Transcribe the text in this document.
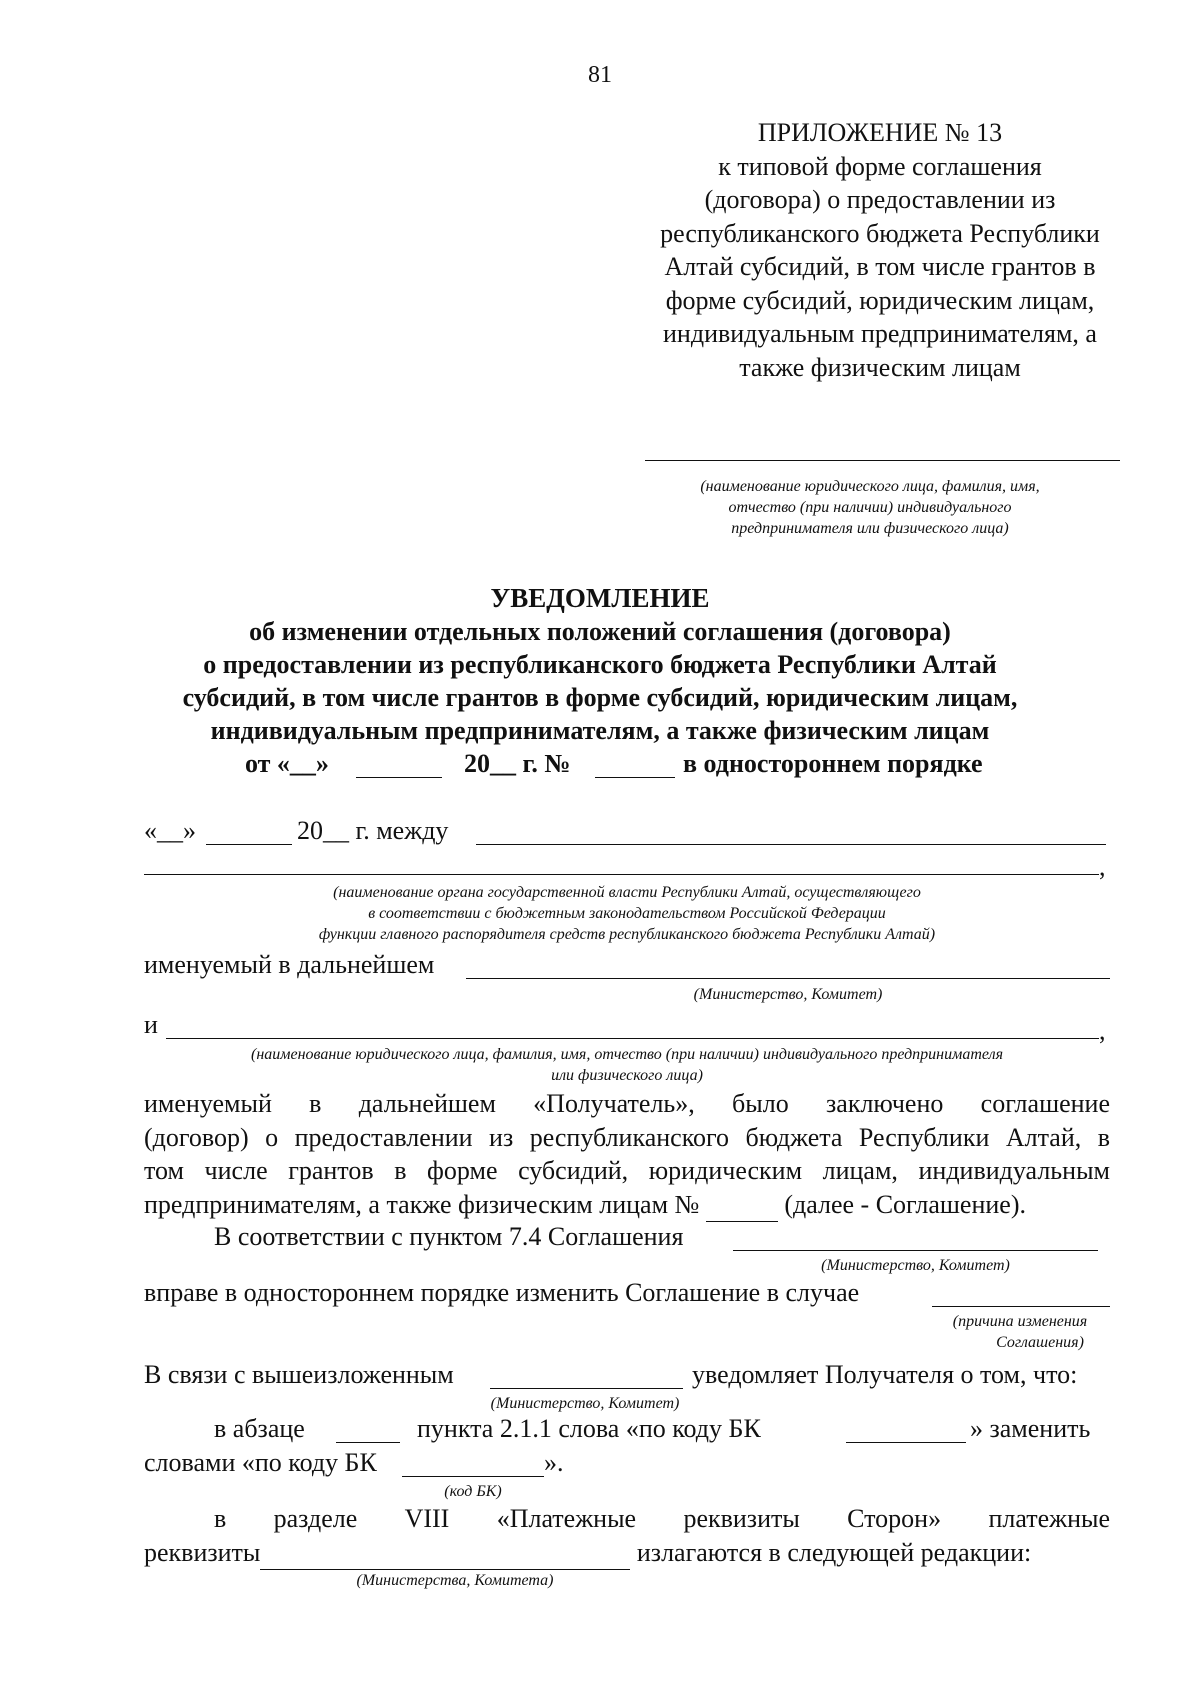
81
ПРИЛОЖЕНИЕ № 13
к типовой форме соглашения
(договора) о предоставлении из
республиканского бюджета Республики
Алтай субсидий, в том числе грантов в
форме субсидий, юридическим лицам,
индивидуальным предпринимателям, а
также физическим лицам
(наименование юридического лица, фамилия, имя,
отчество (при наличии) индивидуального
предпринимателя или физического лица)
УВЕДОМЛЕНИЕ
об изменении отдельных положений соглашения (договора)
о предоставлении из республиканского бюджета Республики Алтай
субсидий, в том числе грантов в форме субсидий, юридическим лицам,
индивидуальным предпринимателям, а также физическим лицам
от «__»	20__ г. №	в одностороннем порядке
«__»	20__ г. между
,
(наименование органа государственной власти Республики Алтай, осуществляющего
в соответствии с бюджетным законодательством Российской Федерации
функции главного распорядителя средств республиканского бюджета Республики Алтай)
именуемый в дальнейшем
(Министерство, Комитет)
и	,
(наименование юридического лица, фамилия, имя, отчество (при наличии) индивидуального предпринимателя
или физического лица)
именуемый в дальнейшем «Получатель», было заключено соглашение
(договор) о предоставлении из республиканского бюджета Республики Алтай, в
том числе грантов в форме субсидий, юридическим лицам, индивидуальным
предпринимателям, а также физическим лицам №	(далее - Соглашение).
В соответствии с пунктом 7.4 Соглашения
(Министерство, Комитет)
вправе в одностороннем порядке изменить Соглашение в случае
(причина изменения
Соглашения)
В связи с вышеизложенным	уведомляет Получателя о том, что:
(Министерство, Комитет)
в абзаце	пункта 2.1.1 слова «по коду БК	» заменить
словами «по коду БК	».
(код БК)
в разделе VIII «Платежные реквизиты Сторон» платежные
реквизиты	излагаются в следующей редакции:
(Министерства, Комитета)
